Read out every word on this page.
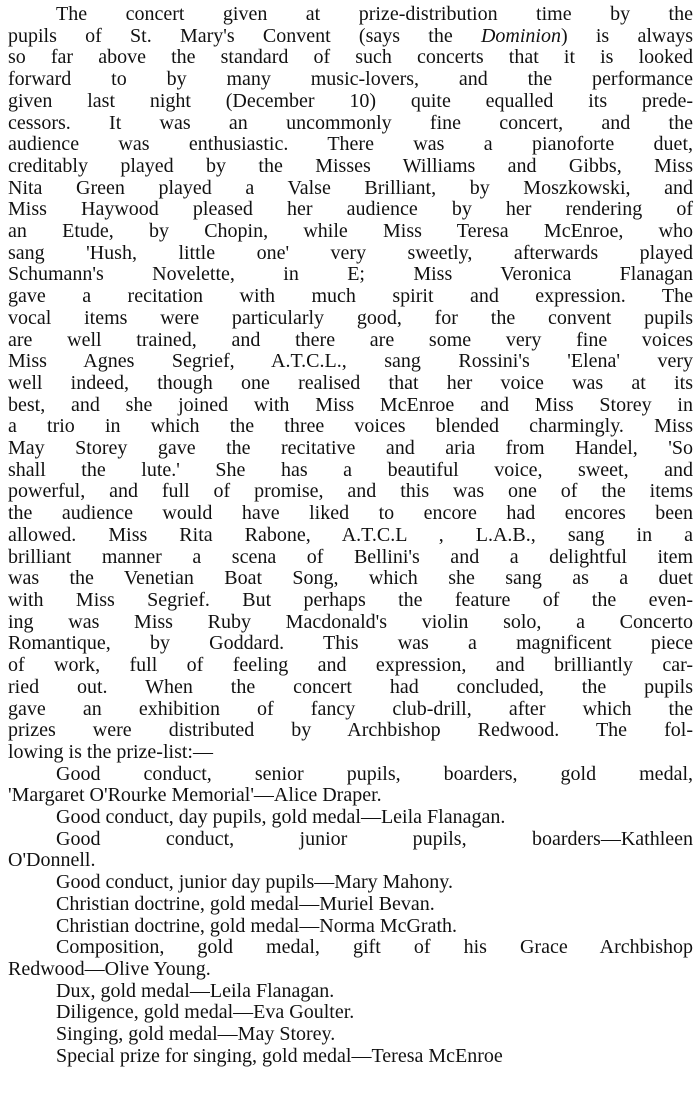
The concert given at prize-distribution time by the
pupils of St. Mary's Convent (says the Dominion) is always
so far above the standard of such concerts that it is looked
forward to by many music-lovers, and the performance
given last night (December 10) quite equalled its prede-
cessors. It was an uncommonly fine concert, and the
audience was enthusiastic. There was a pianoforte duet,
creditably played by the Misses Williams and Gibbs, Miss
Nita Green played a Valse Brilliant, by Moszkowski, and
Miss Haywood pleased her audience by her rendering of
an Etude, by Chopin, while Miss Teresa McEnroe, who
sang 'Hush, little one' very sweetly, afterwards played
Schumann's Novelette, in E; Miss Veronica Flanagan
gave a recitation with much spirit and expression. The
vocal items were particularly good, for the convent pupils
are well trained, and there are some very fine voices
Miss Agnes Segrief, A.T.C.L., sang Rossini's 'Elena' very
well indeed, though one realised that her voice was at its
best, and she joined with Miss McEnroe and Miss Storey in
a trio in which the three voices blended charmingly. Miss
May Storey gave the recitative and aria from Handel, 'So
shall the lute.' She has a beautiful voice, sweet, and
powerful, and full of promise, and this was one of the items
the audience would have liked to encore had encores been
allowed. Miss Rita Rabone, A.T.C.L , L.A.B., sang in a
brilliant manner a scena of Bellini's and a delightful item
was the Venetian Boat Song, which she sang as a duet
with Miss Segrief. But perhaps the feature of the even-
ing was Miss Ruby Macdonald's violin solo, a Concerto
Romantique, by Goddard. This was a magnificent piece
of work, full of feeling and expression, and brilliantly car-
ried out. When the concert had concluded, the pupils
gave an exhibition of fancy club-drill, after which the
prizes were distributed by Archbishop Redwood. The fol-
lowing is the prize-list:—
Good conduct, senior pupils, boarders, gold medal,
'Margaret O'Rourke Memorial'—Alice Draper.
Good conduct, day pupils, gold medal—Leila Flanagan.
Good conduct, junior pupils, boarders—Kathleen
O'Donnell.
Good conduct, junior day pupils—Mary Mahony.
Christian doctrine, gold medal—Muriel Bevan.
Christian doctrine, gold medal—Norma McGrath.
Composition, gold medal, gift of his Grace Archbishop
Redwood—Olive Young.
Dux, gold medal—Leila Flanagan.
Diligence, gold medal—Eva Goulter.
Singing, gold medal—May Storey.
Special prize for singing, gold medal—Teresa McEnroe
